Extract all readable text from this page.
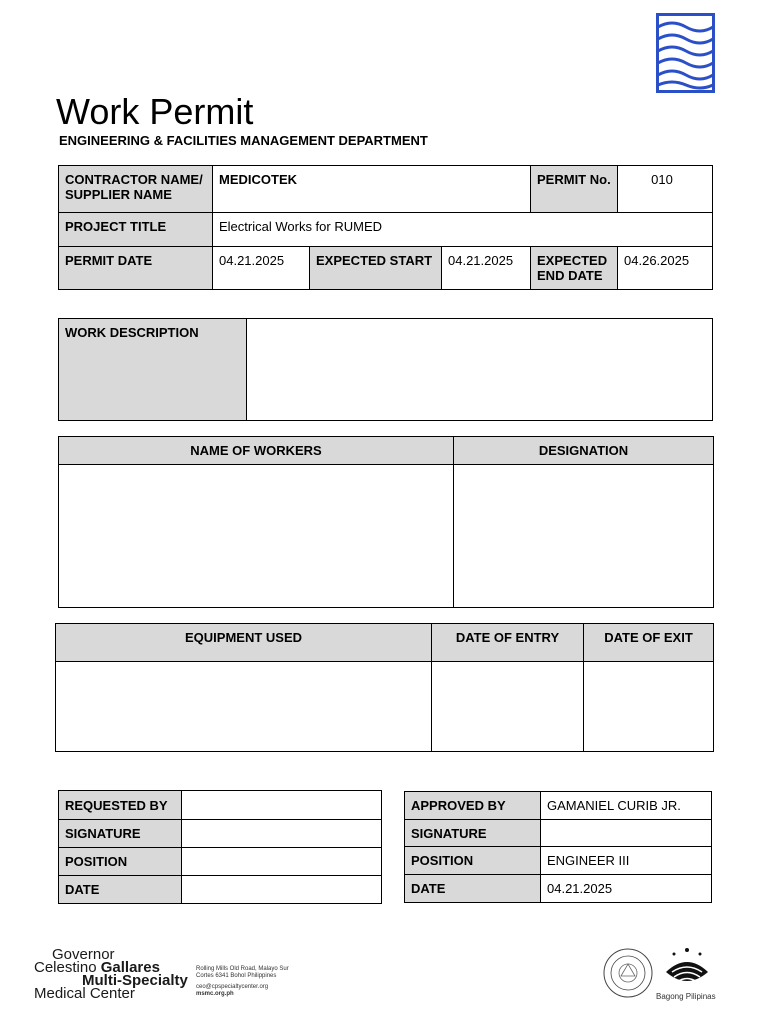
Work Permit
ENGINEERING & FACILITIES MANAGEMENT DEPARTMENT
CONTRACTOR NAME/ SUPPLIER NAME	MEDICOTEK			PERMIT No.	010
PROJECT TITLE	Electrical Works for RUMED				
PERMIT DATE	04.21.2025	EXPECTED START	04.21.2025	EXPECTED END DATE	04.26.2025
WORK DESCRIPTION	
NAME OF WORKERS	DESIGNATION

EQUIPMENT USED	DATE OF ENTRY	DATE OF EXIT

REQUESTED BY	
SIGNATURE	
POSITION	
DATE	
APPROVED BY	GAMANIEL CURIB JR.
SIGNATURE	
POSITION	ENGINEER III
DATE	04.21.2025
Governor
Celestino Gallares
Multi-Specialty
Medical Center
Rolling Mills Old Road, Malayo Sur
Cortes 6341 Bohol Philippines
ceo@cpspecialtycenter.org
msmc.org.ph	Bagong Pilipinas
